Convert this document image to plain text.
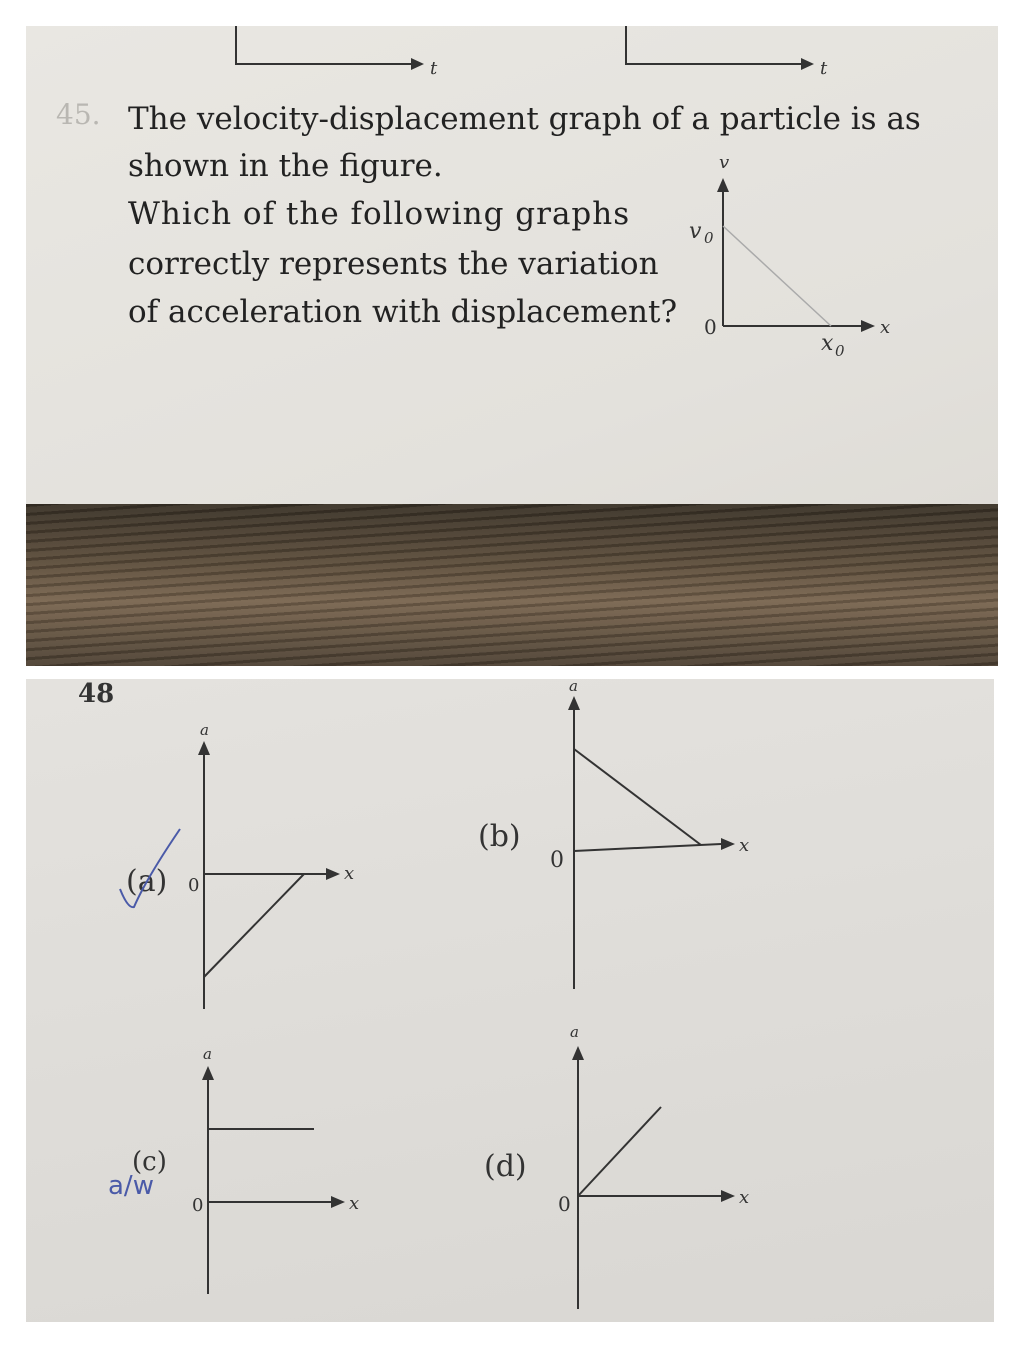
t	t
45. The velocity-displacement graph of a particle is as
shown in the figure.
Which of the following graphs
correctly represents the variation
of acceleration with displacement?
v
x
v 0
x 0
0
48
(a)
a
x
0
(b)
a
x
0
(c)
a/w
a
x
0
(d)
a
x
0
